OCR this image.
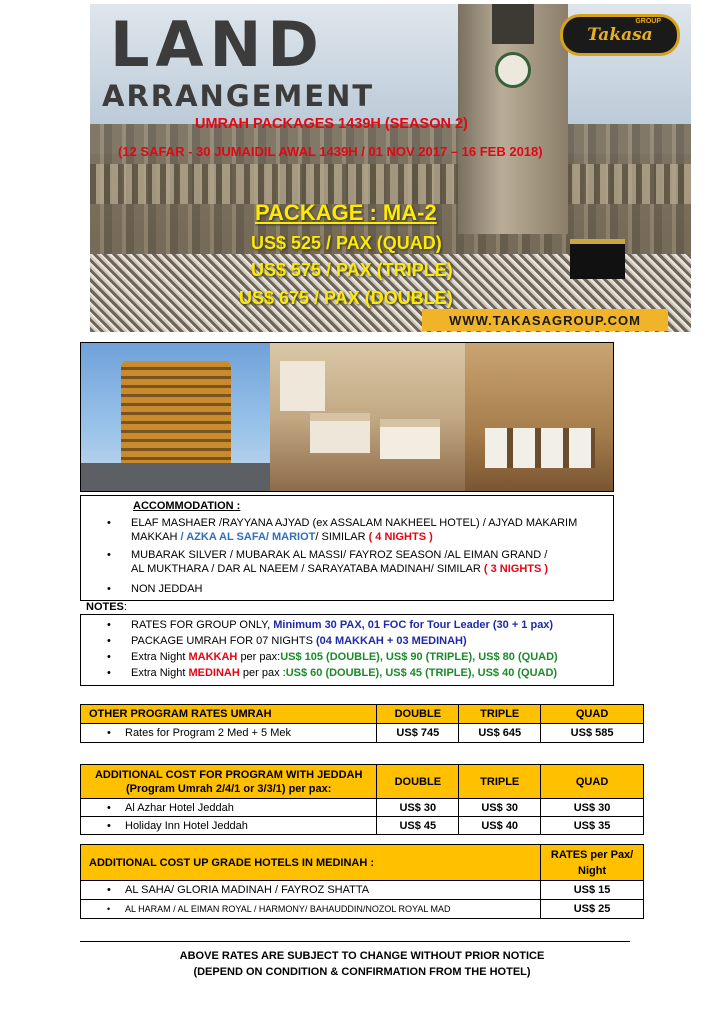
LAND
ARRANGEMENT
GROUP
Takasa
UMRAH PACKAGES 1439H (SEASON 2)
(12 SAFAR - 30 JUMAIDIL AWAL 1439H / 01 NOV 2017 – 16 FEB 2018)
PACKAGE : MA-2
US$ 525 / PAX (QUAD)
US$ 575 / PAX (TRIPLE)
US$ 675 / PAX (DOUBLE)
WWW.TAKASAGROUP.COM
ACCOMMODATION :
• ELAF MASHAER /RAYYANA AJYAD (ex ASSALAM NAKHEEL HOTEL) / AJYAD MAKARIM
MAKKAH / AZKA AL SAFA/ MARIOT/ SIMILAR ( 4 NIGHTS )
• MUBARAK SILVER / MUBARAK AL MASSI/ FAYROZ SEASON /AL EIMAN GRAND /
AL MUKTHARA / DAR AL NAEEM / SARAYATABA MADINAH/ SIMILAR ( 3 NIGHTS )
• NON JEDDAH
NOTES:
• RATES FOR GROUP ONLY, Minimum 30 PAX, 01 FOC for Tour Leader (30 + 1 pax)
• PACKAGE UMRAH FOR 07 NIGHTS (04 MAKKAH + 03 MEDINAH)
• Extra Night MAKKAH per pax:US$ 105 (DOUBLE), US$ 90 (TRIPLE), US$ 80 (QUAD)
• Extra Night MEDINAH per pax :US$ 60 (DOUBLE), US$ 45 (TRIPLE), US$ 40 (QUAD)
OTHER PROGRAM RATES UMRAH	DOUBLE	TRIPLE	QUAD
• Rates for Program 2 Med + 5 Mek	US$ 745	US$ 645	US$ 585
ADDITIONAL COST FOR PROGRAM WITH JEDDAH
(Program Umrah 2/4/1 or 3/3/1) per pax:	DOUBLE	TRIPLE	QUAD
• Al Azhar Hotel Jeddah	US$ 30	US$ 30	US$ 30
• Holiday Inn Hotel Jeddah	US$ 45	US$ 40	US$ 35
ADDITIONAL COST UP GRADE HOTELS IN MEDINAH :	RATES per Pax/
Night

• AL SAHA/ GLORIA MADINAH / FAYROZ SHATTA	US$ 15
• AL HARAM / AL EIMAN ROYAL / HARMONY/ BAHAUDDIN/NOZOL ROYAL MAD	US$ 25
ABOVE RATES ARE SUBJECT TO CHANGE WITHOUT PRIOR NOTICE
(DEPEND ON CONDITION & CONFIRMATION FROM THE HOTEL)
